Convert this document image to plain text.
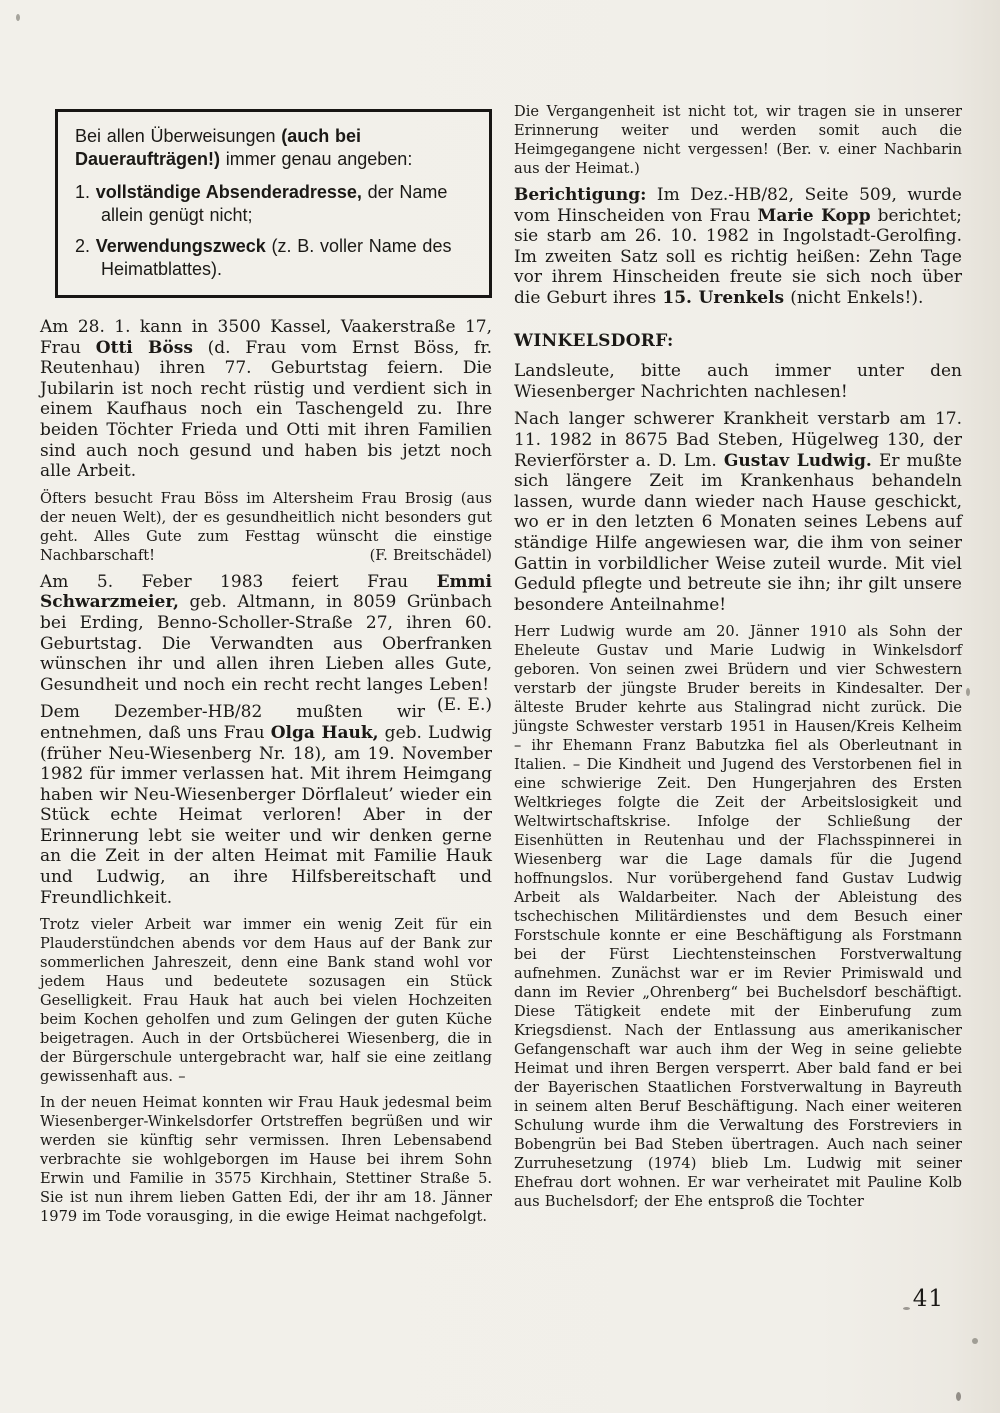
Bei allen Überweisungen (auch bei Daueraufträgen!) immer genau angeben:

1. vollständige Absenderadresse, der Name allein genügt nicht;

2. Verwendungszweck (z. B. voller Name des Heimatblattes).

Am 28. 1. kann in 3500 Kassel, Vaakerstraße 17, Frau Otti Böss (d. Frau vom Ernst Böss, fr. Reutenhau) ihren 77. Geburtstag feiern. Die Jubilarin ist noch recht rüstig und verdient sich in einem Kaufhaus noch ein Taschengeld zu. Ihre beiden Töchter Frieda und Otti mit ihren Familien sind auch noch gesund und haben bis jetzt noch alle Arbeit.

Öfters besucht Frau Böss im Altersheim Frau Brosig (aus der neuen Welt), der es gesundheitlich nicht besonders gut geht. Alles Gute zum Festtag wünscht die einstige Nachbarschaft!	(F. Breitschädel)

Am 5. Feber 1983 feiert Frau Emmi Schwarzmeier, geb. Altmann, in 8059 Grünbach bei Erding, Benno-Scholler-Straße 27, ihren 60. Geburtstag. Die Verwandten aus Oberfranken wünschen ihr und allen ihren Lieben alles Gute, Gesundheit und noch ein recht recht langes Leben!
(E. E.)

Dem Dezember-HB/82 mußten wir entnehmen, daß uns Frau Olga Hauk, geb. Ludwig (früher Neu-Wiesenberg Nr. 18), am 19. November 1982 für immer verlassen hat. Mit ihrem Heimgang haben wir Neu-Wiesenberger Dörflaleut’ wieder ein Stück echte Heimat verloren! Aber in der Erinnerung lebt sie weiter und wir denken gerne an die Zeit in der alten Heimat mit Familie Hauk und Ludwig, an ihre Hilfsbereitschaft und Freundlichkeit.

Trotz vieler Arbeit war immer ein wenig Zeit für ein Plauderstündchen abends vor dem Haus auf der Bank zur sommerlichen Jahreszeit, denn eine Bank stand wohl vor jedem Haus und bedeutete sozusagen ein Stück Geselligkeit. Frau Hauk hat auch bei vielen Hochzeiten beim Kochen geholfen und zum Gelingen der guten Küche beigetragen. Auch in der Ortsbücherei Wiesenberg, die in der Bürgerschule untergebracht war, half sie eine zeitlang gewissenhaft aus. –

In der neuen Heimat konnten wir Frau Hauk jedesmal beim Wiesenberger-Winkelsdorfer Ortstreffen begrüßen und wir werden sie künftig sehr vermissen. Ihren Lebensabend verbrachte sie wohlgeborgen im Hause bei ihrem Sohn Erwin und Familie in 3575 Kirchhain, Stettiner Straße 5. Sie ist nun ihrem lieben Gatten Edi, der ihr am 18. Jänner 1979 im Tode vorausging, in die ewige Heimat nachgefolgt.

Die Vergangenheit ist nicht tot, wir tragen sie in unserer Erinnerung weiter und werden somit auch die Heimgegangene nicht vergessen! (Ber. v. einer Nachbarin aus der Heimat.)

Berichtigung: Im Dez.-HB/82, Seite 509, wurde vom Hinscheiden von Frau Marie Kopp berichtet; sie starb am 26. 10. 1982 in Ingolstadt-Gerolfing. Im zweiten Satz soll es richtig heißen: Zehn Tage vor ihrem Hinscheiden freute sie sich noch über die Geburt ihres 15. Urenkels (nicht Enkels!).

WINKELSDORF:

Landsleute, bitte auch immer unter den Wiesenberger Nachrichten nachlesen!

Nach langer schwerer Krankheit verstarb am 17. 11. 1982 in 8675 Bad Steben, Hügelweg 130, der Revierförster a. D. Lm. Gustav Ludwig. Er mußte sich längere Zeit im Krankenhaus behandeln lassen, wurde dann wieder nach Hause geschickt, wo er in den letzten 6 Monaten seines Lebens auf ständige Hilfe angewiesen war, die ihm von seiner Gattin in vorbildlicher Weise zuteil wurde. Mit viel Geduld pflegte und betreute sie ihn; ihr gilt unsere besondere Anteilnahme!

Herr Ludwig wurde am 20. Jänner 1910 als Sohn der Eheleute Gustav und Marie Ludwig in Winkelsdorf geboren. Von seinen zwei Brüdern und vier Schwestern verstarb der jüngste Bruder bereits in Kindesalter. Der älteste Bruder kehrte aus Stalingrad nicht zurück. Die jüngste Schwester verstarb 1951 in Hausen/Kreis Kelheim – ihr Ehemann Franz Babutzka fiel als Oberleutnant in Italien. – Die Kindheit und Jugend des Verstorbenen fiel in eine schwierige Zeit. Den Hungerjahren des Ersten Weltkrieges folgte die Zeit der Arbeitslosigkeit und Weltwirtschaftskrise. Infolge der Schließung der Eisenhütten in Reutenhau und der Flachsspinnerei in Wiesenberg war die Lage damals für die Jugend hoffnungslos. Nur vorübergehend fand Gustav Ludwig Arbeit als Waldarbeiter. Nach der Ableistung des tschechischen Militärdienstes und dem Besuch einer Forstschule konnte er eine Beschäftigung als Forstmann bei der Fürst Liechtensteinschen Forstverwaltung aufnehmen. Zunächst war er im Revier Primiswald und dann im Revier „Ohrenberg“ bei Buchelsdorf beschäftigt. Diese Tätigkeit endete mit der Einberufung zum Kriegsdienst. Nach der Entlassung aus amerikanischer Gefangenschaft war auch ihm der Weg in seine geliebte Heimat und ihren Bergen versperrt. Aber bald fand er bei der Bayerischen Staatlichen Forstverwaltung in Bayreuth in seinem alten Beruf Beschäftigung. Nach einer weiteren Schulung wurde ihm die Verwaltung des Forstreviers in Bobengrün bei Bad Steben übertragen. Auch nach seiner Zurruhesetzung (1974) blieb Lm. Ludwig mit seiner Ehefrau dort wohnen. Er war verheiratet mit Pauline Kolb aus Buchelsdorf; der Ehe entsproß die Tochter

41
